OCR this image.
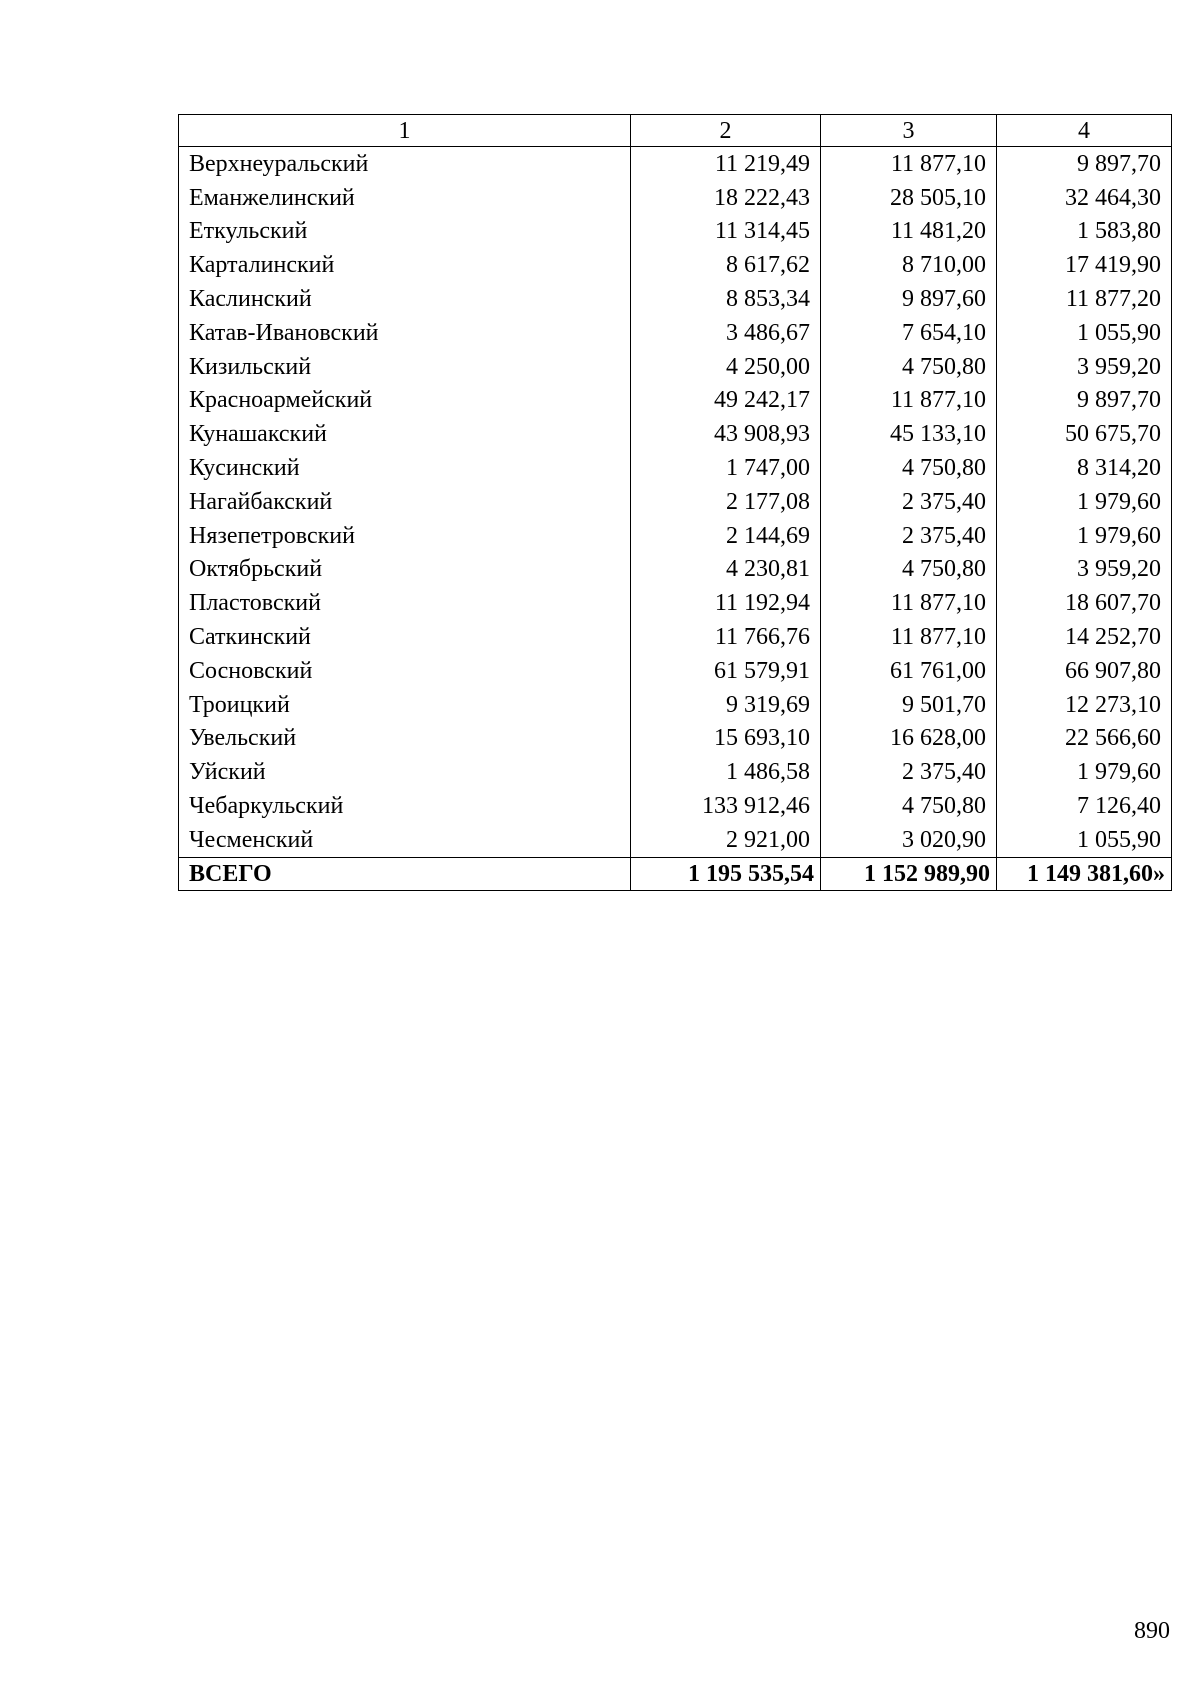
1	2	3	4
Верхнеуральский	11 219,49	11 877,10	9 897,70
Еманжелинский	18 222,43	28 505,10	32 464,30
Еткульский	11 314,45	11 481,20	1 583,80
Карталинский	8 617,62	8 710,00	17 419,90
Каслинский	8 853,34	9 897,60	11 877,20
Катав-Ивановский	3 486,67	7 654,10	1 055,90
Кизильский	4 250,00	4 750,80	3 959,20
Красноармейский	49 242,17	11 877,10	9 897,70
Кунашакский	43 908,93	45 133,10	50 675,70
Кусинский	1 747,00	4 750,80	8 314,20
Нагайбакский	2 177,08	2 375,40	1 979,60
Нязепетровский	2 144,69	2 375,40	1 979,60
Октябрьский	4 230,81	4 750,80	3 959,20
Пластовский	11 192,94	11 877,10	18 607,70
Саткинский	11 766,76	11 877,10	14 252,70
Сосновский	61 579,91	61 761,00	66 907,80
Троицкий	9 319,69	9 501,70	12 273,10
Увельский	15 693,10	16 628,00	22 566,60
Уйский	1 486,58	2 375,40	1 979,60
Чебаркульский	133 912,46	4 750,80	7 126,40
Чесменский	2 921,00	3 020,90	1 055,90
ВСЕГО	1 195 535,54	1 152 989,90	1 149 381,60»
890
